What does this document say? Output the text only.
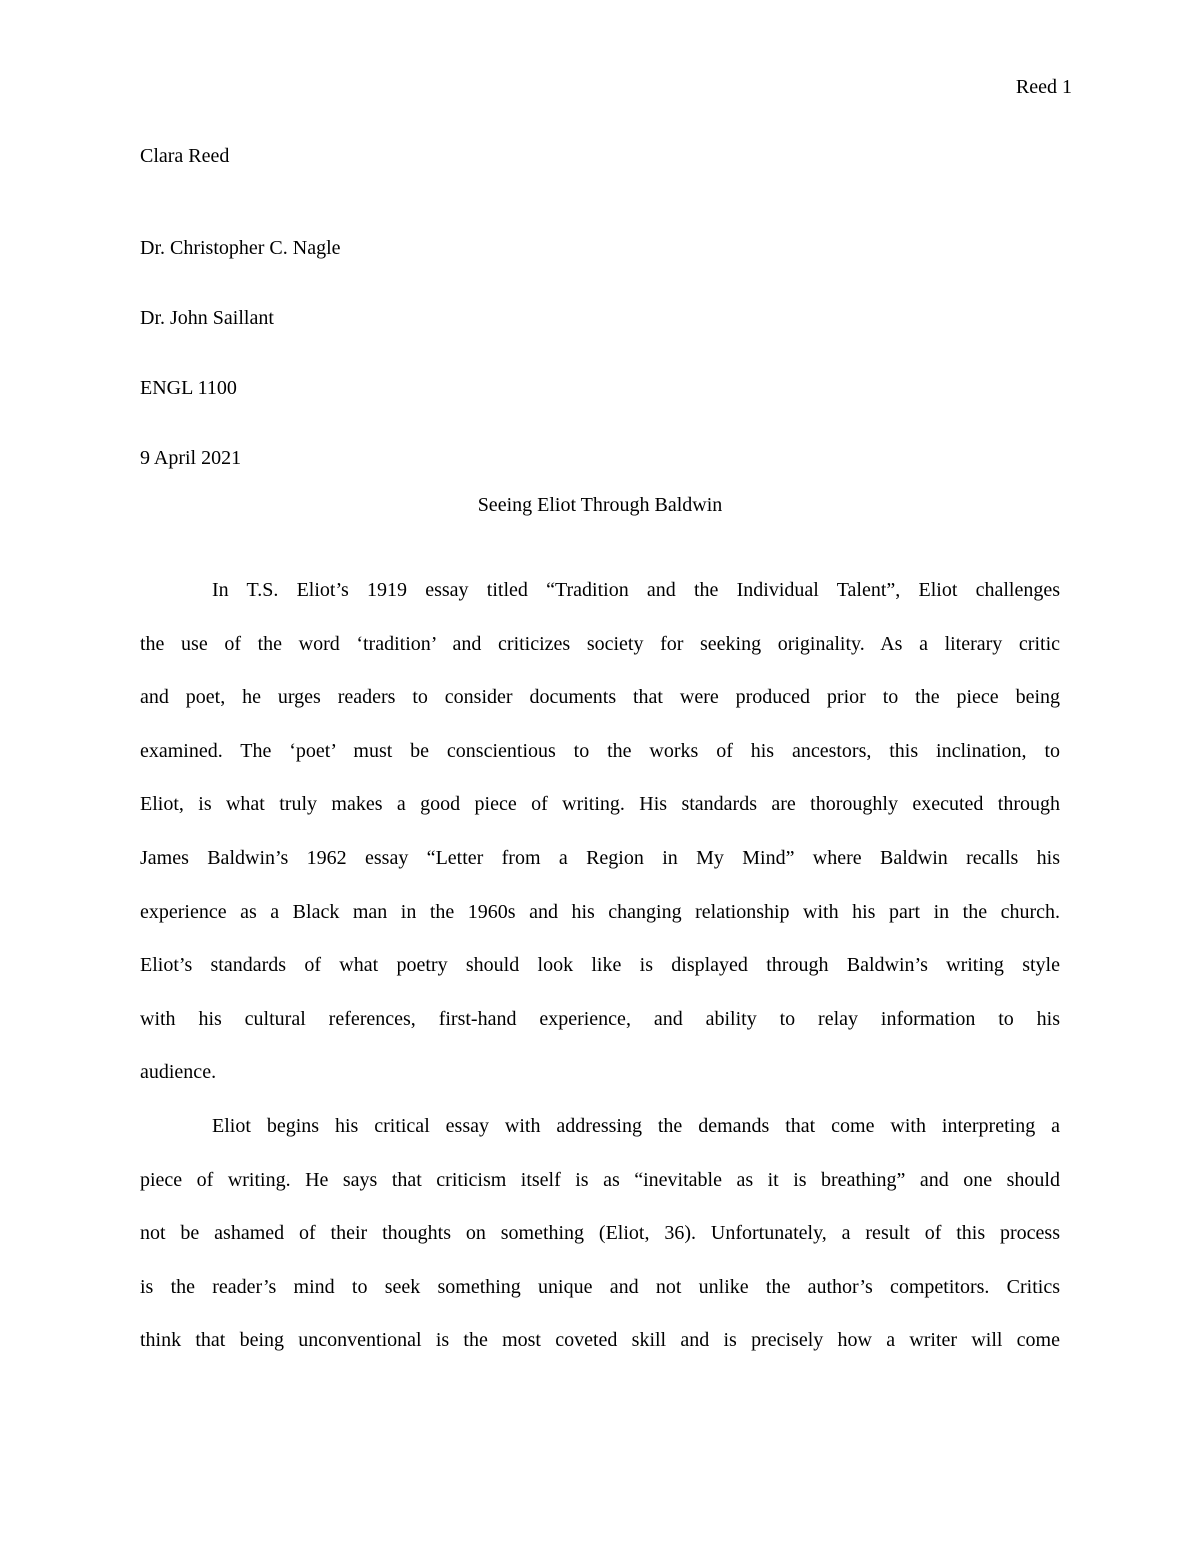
Reed 1
Clara Reed
Dr. Christopher C. Nagle
Dr. John Saillant
ENGL 1100
9 April 2021
Seeing Eliot Through Baldwin
In T.S. Eliot’s 1919 essay titled “Tradition and the Individual Talent”, Eliot challenges
the use of the word ‘tradition’ and criticizes society for seeking originality. As a literary critic
and poet, he urges readers to consider documents that were produced prior to the piece being
examined. The ‘poet’ must be conscientious to the works of his ancestors, this inclination, to
Eliot, is what truly makes a good piece of writing. His standards are thoroughly executed through
James Baldwin’s 1962 essay “Letter from a Region in My Mind” where Baldwin recalls his
experience as a Black man in the 1960s and his changing relationship with his part in the church.
Eliot’s standards of what poetry should look like is displayed through Baldwin’s writing style
with his cultural references, first-hand experience, and ability to relay information to his
audience.
Eliot begins his critical essay with addressing the demands that come with interpreting a
piece of writing. He says that criticism itself is as “inevitable as it is breathing” and one should
not be ashamed of their thoughts on something (Eliot, 36). Unfortunately, a result of this process
is the reader’s mind to seek something unique and not unlike the author’s competitors. Critics
think that being unconventional is the most coveted skill and is precisely how a writer will come
